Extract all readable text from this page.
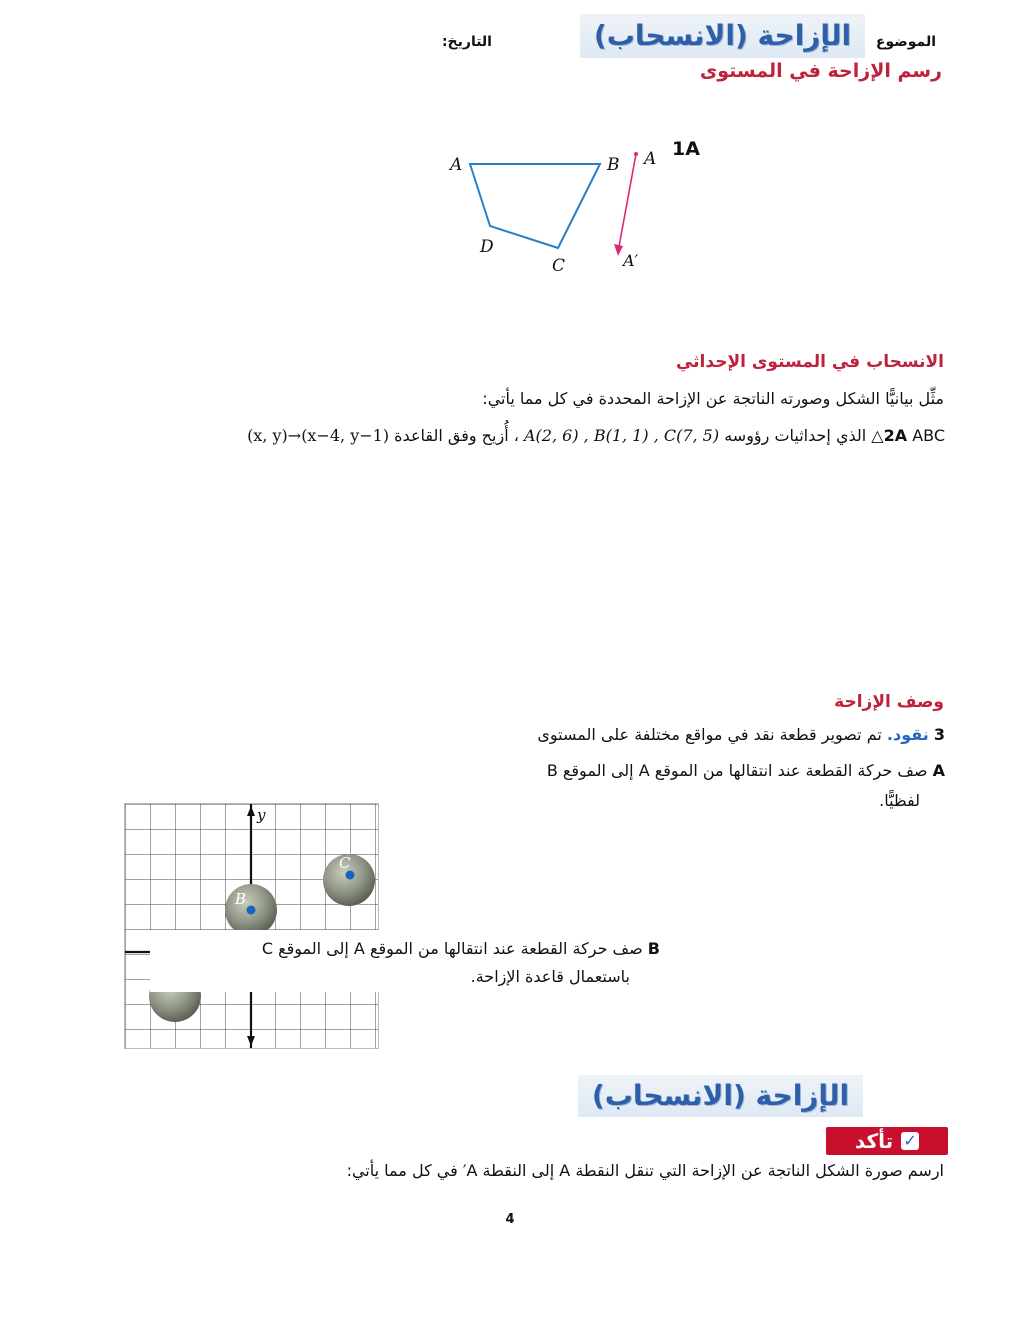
الموضوع
الإزاحة (الانسحاب)
التاريخ:
رسم الإزاحة في المستوى
1A
A	B
C
D
A
A′
الانسحاب في المستوى الإحداثي
مثِّل بيانيًّا الشكل وصورته الناتجة عن الإزاحة المحددة في كل مما يأتي:
2A ABC△ الذي إحداثيات رؤوسه A(2, 6) , B(1, 1) , C(7, 5) ، أُزيح وفق القاعدة (x, y)→(x−4, y−1)
وصف الإزاحة
3 نقود. تم تصوير قطعة نقد في مواقع مختلفة على المستوى
A صف حركة القطعة عند انتقالها من الموقع A إلى الموقع B
لفظيًّا.
y
C
B
B صف حركة القطعة عند انتقالها من الموقع A إلى الموقع C
باستعمال قاعدة الإزاحة.
الإزاحة (الانسحاب)
✓
تأكد
ارسم صورة الشكل الناتجة عن الإزاحة التي تنقل النقطة A إلى النقطة A′ في كل مما يأتي:
4
